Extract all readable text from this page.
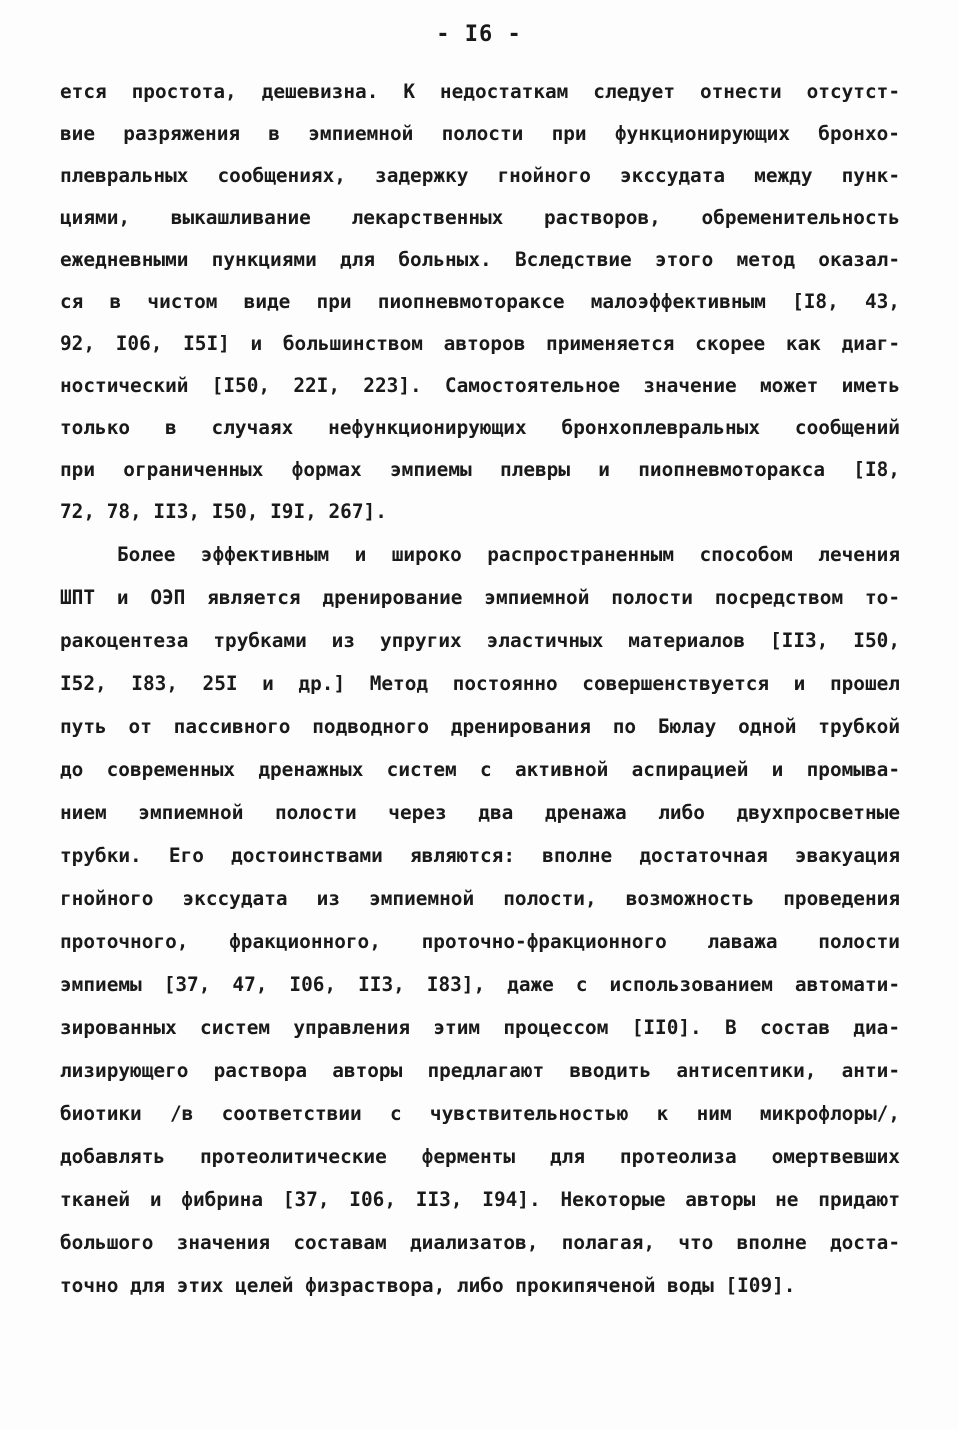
- I6 -
ется простота, дешевизна. К недостаткам следует отнести отсутст-
вие разряжения в эмпиемной полости при функционирующих бронхо-
плевральных сообщениях, задержку гнойного экссудата между пунк-
циями, выкашливание лекарственных растворов, обременительность
ежедневными пункциями для больных. Вследствие этого метод оказал-
ся в чистом виде при пиопневмотораксе малоэффективным [I8, 43,
92, I06, I5I] и большинством авторов применяется скорее как диаг-
ностический [I50, 22I, 223]. Самостоятельное значение может иметь
только в случаях нефункционирующих бронхоплевральных сообщений
при ограниченных формах эмпиемы плевры и пиопневмоторакса [I8,
72, 78, II3, I50, I9I, 267].
Более эффективным и широко распространенным способом лечения
ШПТ и ОЭП является дренирование эмпиемной полости посредством то-
ракоцентеза трубками из упругих эластичных материалов [II3, I50,
I52, I83, 25I и др.] Метод постоянно совершенствуется и прошел
путь от пассивного подводного дренирования по Бюлау одной трубкой
до современных дренажных систем с активной аспирацией и промыва-
нием эмпиемной полости через два дренажа либо двухпросветные
трубки. Его достоинствами являются: вполне достаточная эвакуация
гнойного экссудата из эмпиемной полости, возможность проведения
проточного, фракционного, проточно-фракционного лаважа полости
эмпиемы [37, 47, I06, II3, I83], даже с использованием автомати-
зированных систем управления этим процессом [II0]. В состав диа-
лизирующего раствора авторы предлагают вводить антисептики, анти-
биотики /в соответствии с чувствительностью к ним микрофлоры/,
добавлять протеолитические ферменты для протеолиза омертвевших
тканей и фибрина [37, I06, II3, I94]. Некоторые авторы не придают
большого значения составам диализатов, полагая, что вполне доста-
точно для этих целей физраствора, либо прокипяченой воды [I09].
